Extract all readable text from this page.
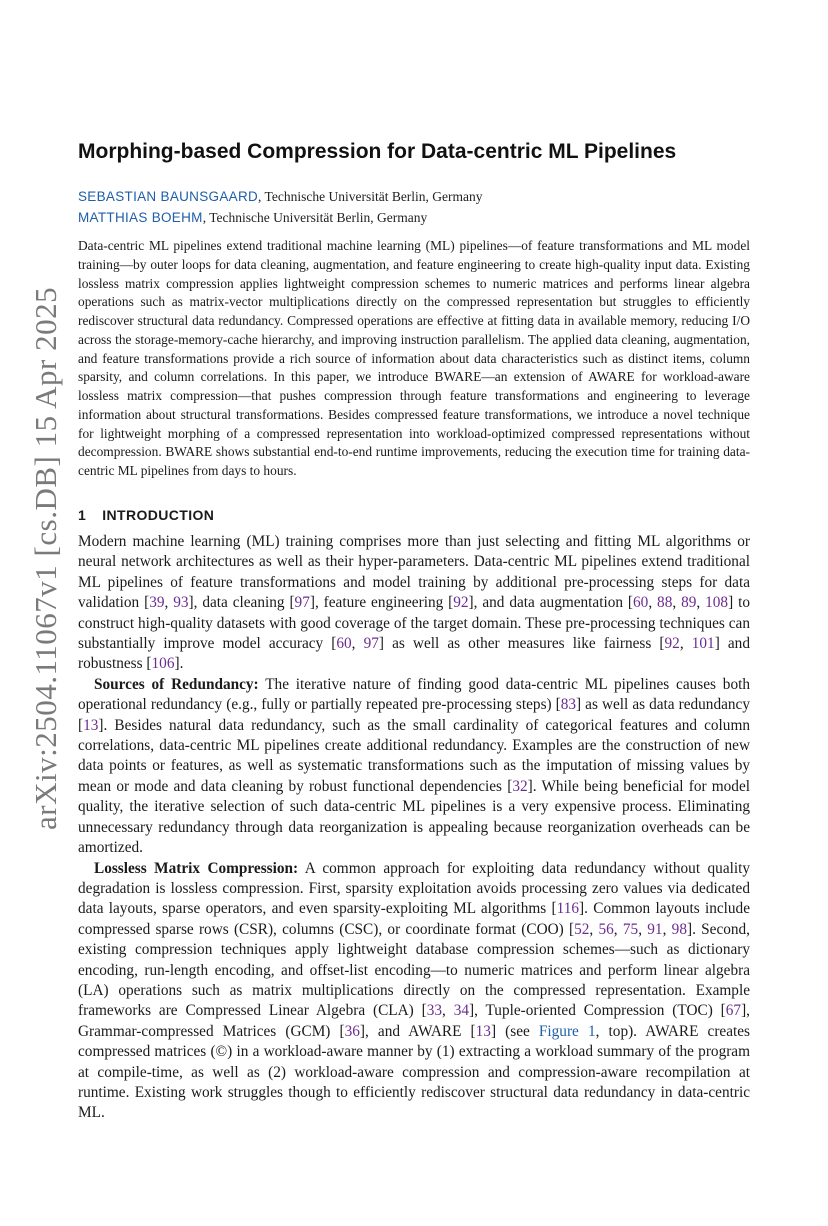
arXiv:2504.11067v1 [cs.DB] 15 Apr 2025
Morphing-based Compression for Data-centric ML Pipelines
SEBASTIAN BAUNSGAARD, Technische Universität Berlin, Germany
MATTHIAS BOEHM, Technische Universität Berlin, Germany

Data-centric ML pipelines extend traditional machine learning (ML) pipelines—of feature transformations and ML model training—by outer loops for data cleaning, augmentation, and feature engineering to create high-quality input data. Existing lossless matrix compression applies lightweight compression schemes to numeric matrices and performs linear algebra operations such as matrix-vector multiplications directly on the compressed representation but struggles to efficiently rediscover structural data redundancy. Compressed operations are effective at fitting data in available memory, reducing I/O across the storage-memory-cache hierarchy, and improving instruction parallelism. The applied data cleaning, augmentation, and feature transformations provide a rich source of information about data characteristics such as distinct items, column sparsity, and column correlations. In this paper, we introduce BWARE—an extension of AWARE for workload-aware lossless matrix compression—that pushes compression through feature transformations and engineering to leverage information about structural transformations. Besides compressed feature transformations, we introduce a novel technique for lightweight morphing of a compressed representation into workload-optimized compressed representations without decompression. BWARE shows substantial end-to-end runtime improvements, reducing the execution time for training data-centric ML pipelines from days to hours.

1 INTRODUCTION

Modern machine learning (ML) training comprises more than just selecting and fitting ML algorithms or neural network architectures as well as their hyper-parameters. Data-centric ML pipelines extend traditional ML pipelines of feature transformations and model training by additional pre-processing steps for data validation [39, 93], data cleaning [97], feature engineering [92], and data augmentation [60, 88, 89, 108] to construct high-quality datasets with good coverage of the target domain. These pre-processing techniques can substantially improve model accuracy [60, 97] as well as other measures like fairness [92, 101] and robustness [106].

Sources of Redundancy: The iterative nature of finding good data-centric ML pipelines causes both operational redundancy (e.g., fully or partially repeated pre-processing steps) [83] as well as data redundancy [13]. Besides natural data redundancy, such as the small cardinality of categorical features and column correlations, data-centric ML pipelines create additional redundancy. Examples are the construction of new data points or features, as well as systematic transformations such as the imputation of missing values by mean or mode and data cleaning by robust functional dependencies [32]. While being beneficial for model quality, the iterative selection of such data-centric ML pipelines is a very expensive process. Eliminating unnecessary redundancy through data reorganization is appealing because reorganization overheads can be amortized.

Lossless Matrix Compression: A common approach for exploiting data redundancy without quality degradation is lossless compression. First, sparsity exploitation avoids processing zero values via dedicated data layouts, sparse operators, and even sparsity-exploiting ML algorithms [116]. Common layouts include compressed sparse rows (CSR), columns (CSC), or coordinate format (COO) [52, 56, 75, 91, 98]. Second, existing compression techniques apply lightweight database compression schemes—such as dictionary encoding, run-length encoding, and offset-list encoding—to numeric matrices and perform linear algebra (LA) operations such as matrix multiplications directly on the compressed representation. Example frameworks are Compressed Linear Algebra (CLA) [33, 34], Tuple-oriented Compression (TOC) [67], Grammar-compressed Matrices (GCM) [36], and AWARE [13] (see Figure 1, top). AWARE creates compressed matrices (©) in a workload-aware manner by (1) extracting a workload summary of the program at compile-time, as well as (2) workload-aware compression and compression-aware recompilation at runtime. Existing work struggles though to efficiently rediscover structural data redundancy in data-centric ML.
